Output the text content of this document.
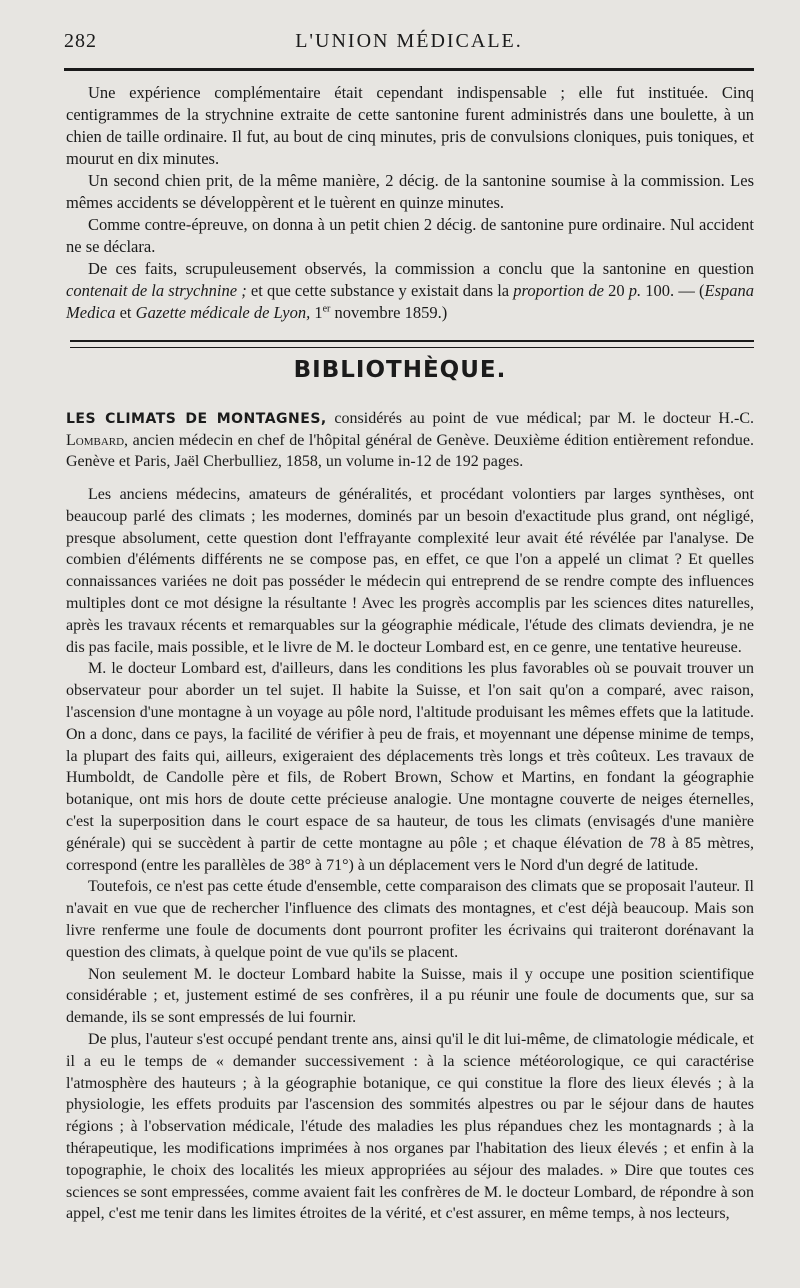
282	L'UNION MÉDICALE.

Une expérience complémentaire était cependant indispensable ; elle fut instituée. Cinq centigrammes de la strychnine extraite de cette santonine furent administrés dans une boulette, à un chien de taille ordinaire. Il fut, au bout de cinq minutes, pris de convulsions cloniques, puis toniques, et mourut en dix minutes.

Un second chien prit, de la même manière, 2 décig. de la santonine soumise à la commission. Les mêmes accidents se développèrent et le tuèrent en quinze minutes.

Comme contre-épreuve, on donna à un petit chien 2 décig. de santonine pure ordinaire. Nul accident ne se déclara.

De ces faits, scrupuleusement observés, la commission a conclu que la santonine en question contenait de la strychnine ; et que cette substance y existait dans la proportion de 20 p. 100. — (Espana Medica et Gazette médicale de Lyon, 1er novembre 1859.)

BIBLIOTHÈQUE.

LES CLIMATS DE MONTAGNES, considérés au point de vue médical; par M. le docteur H.-C. Lombard, ancien médecin en chef de l'hôpital général de Genève. Deuxième édition entièrement refondue. Genève et Paris, Jaël Cherbulliez, 1858, un volume in-12 de 192 pages.

Les anciens médecins, amateurs de généralités, et procédant volontiers par larges synthèses, ont beaucoup parlé des climats ; les modernes, dominés par un besoin d'exactitude plus grand, ont négligé, presque absolument, cette question dont l'effrayante complexité leur avait été révélée par l'analyse. De combien d'éléments différents ne se compose pas, en effet, ce que l'on a appelé un climat ? Et quelles connaissances variées ne doit pas posséder le médecin qui entreprend de se rendre compte des influences multiples dont ce mot désigne la résultante ! Avec les progrès accomplis par les sciences dites naturelles, après les travaux récents et remarquables sur la géographie médicale, l'étude des climats deviendra, je ne dis pas facile, mais possible, et le livre de M. le docteur Lombard est, en ce genre, une tentative heureuse.

M. le docteur Lombard est, d'ailleurs, dans les conditions les plus favorables où se pouvait trouver un observateur pour aborder un tel sujet. Il habite la Suisse, et l'on sait qu'on a comparé, avec raison, l'ascension d'une montagne à un voyage au pôle nord, l'altitude produisant les mêmes effets que la latitude. On a donc, dans ce pays, la facilité de vérifier à peu de frais, et moyennant une dépense minime de temps, la plupart des faits qui, ailleurs, exigeraient des déplacements très longs et très coûteux. Les travaux de Humboldt, de Candolle père et fils, de Robert Brown, Schow et Martins, en fondant la géographie botanique, ont mis hors de doute cette précieuse analogie. Une montagne couverte de neiges éternelles, c'est la superposition dans le court espace de sa hauteur, de tous les climats (envisagés d'une manière générale) qui se succèdent à partir de cette montagne au pôle ; et chaque élévation de 78 à 85 mètres, correspond (entre les parallèles de 38° à 71°) à un déplacement vers le Nord d'un degré de latitude.

Toutefois, ce n'est pas cette étude d'ensemble, cette comparaison des climats que se proposait l'auteur. Il n'avait en vue que de rechercher l'influence des climats des montagnes, et c'est déjà beaucoup. Mais son livre renferme une foule de documents dont pourront profiter les écrivains qui traiteront dorénavant la question des climats, à quelque point de vue qu'ils se placent.

Non seulement M. le docteur Lombard habite la Suisse, mais il y occupe une position scientifique considérable ; et, justement estimé de ses confrères, il a pu réunir une foule de documents que, sur sa demande, ils se sont empressés de lui fournir.

De plus, l'auteur s'est occupé pendant trente ans, ainsi qu'il le dit lui-même, de climatologie médicale, et il a eu le temps de « demander successivement : à la science météorologique, ce qui caractérise l'atmosphère des hauteurs ; à la géographie botanique, ce qui constitue la flore des lieux élevés ; à la physiologie, les effets produits par l'ascension des sommités alpestres ou par le séjour dans de hautes régions ; à l'observation médicale, l'étude des maladies les plus répandues chez les montagnards ; à la thérapeutique, les modifications imprimées à nos organes par l'habitation des lieux élevés ; et enfin à la topographie, le choix des localités les mieux appropriées au séjour des malades. » Dire que toutes ces sciences se sont empressées, comme avaient fait les confrères de M. le docteur Lombard, de répondre à son appel, c'est me tenir dans les limites étroites de la vérité, et c'est assurer, en même temps, à nos lecteurs,
